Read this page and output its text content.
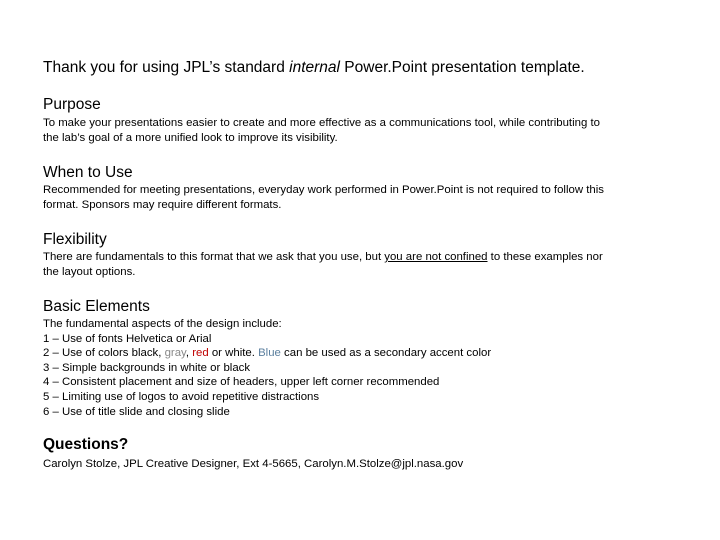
Thank you for using JPL’s standard internal Power.Point presentation template.
Purpose
To make your presentations easier to create and more effective as a communications tool, while contributing to
the lab’s goal of a more unified look to improve its visibility.
When to Use
Recommended for meeting presentations, everyday work performed in Power.Point is not required to follow this
format. Sponsors may require different formats.
Flexibility
There are fundamentals to this format that we ask that you use, but you are not confined to these examples nor
the layout options.
Basic Elements
The fundamental aspects of the design include:
1 – Use of fonts Helvetica or Arial
2 – Use of colors black, gray, red or white. Blue can be used as a secondary accent color
3 – Simple backgrounds in white or black
4 – Consistent placement and size of headers, upper left corner recommended
5 – Limiting use of logos to avoid repetitive distractions
6 – Use of title slide and closing slide
Questions?
Carolyn Stolze, JPL Creative Designer, Ext 4-5665, Carolyn.M.Stolze@jpl.nasa.gov
